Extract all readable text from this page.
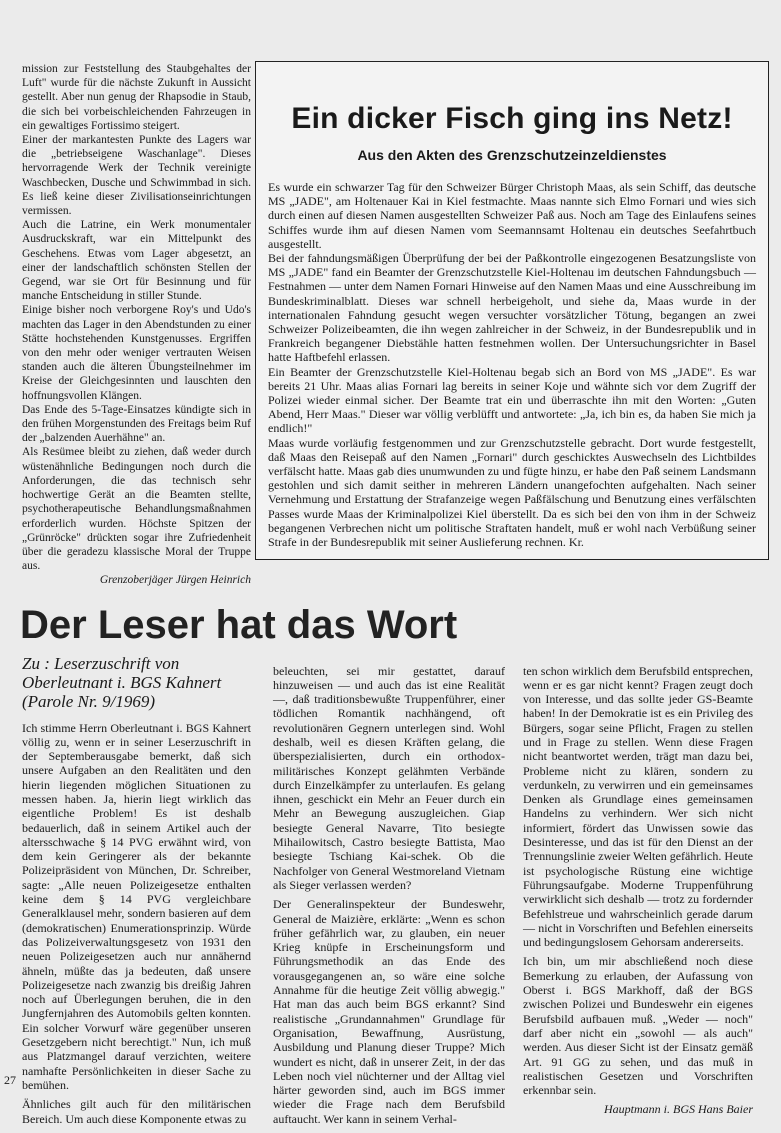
mission zur Feststellung des Staubgehaltes der Luft" wurde für die nächste Zukunft in Aussicht gestellt. Aber nun genug der Rhapsodie in Staub, die sich bei vorbeischleichenden Fahrzeugen in ein gewaltiges Fortissimo steigert.

Einer der markantesten Punkte des Lagers war die „betriebseigene Waschanlage". Dieses hervorragende Werk der Technik vereinigte Waschbecken, Dusche und Schwimmbad in sich. Es ließ keine dieser Zivilisationseinrichtungen vermissen.

Auch die Latrine, ein Werk monumentaler Ausdruckskraft, war ein Mittelpunkt des Geschehens. Etwas vom Lager abgesetzt, an einer der landschaftlich schönsten Stellen der Gegend, war sie Ort für Besinnung und für manche Entscheidung in stiller Stunde.

Einige bisher noch verborgene Roy's und Udo's machten das Lager in den Abendstunden zu einer Stätte hochstehenden Kunstgenusses. Ergriffen von den mehr oder weniger vertrauten Weisen standen auch die älteren Übungsteilnehmer im Kreise der Gleichgesinnten und lauschten den hoffnungsvollen Klängen.

Das Ende des 5-Tage-Einsatzes kündigte sich in den frühen Morgenstunden des Freitags beim Ruf der „balzenden Auerhähne" an.

Als Resümee bleibt zu ziehen, daß weder durch wüstenähnliche Bedingungen noch durch die Anforderungen, die das technisch sehr hochwertige Gerät an die Beamten stellte, psychotherapeutische Behandlungsmaßnahmen erforderlich wurden. Höchste Spitzen der „Grünröcke" drückten sogar ihre Zufriedenheit über die geradezu klassische Moral der Truppe aus.

Grenzoberjäger Jürgen Heinrich

Ein dicker Fisch ging ins Netz!
Aus den Akten des Grenzschutzeinzeldienstes

Es wurde ein schwarzer Tag für den Schweizer Bürger Christoph Maas, als sein Schiff, das deutsche MS „JADE", am Holtenauer Kai in Kiel festmachte. Maas nannte sich Elmo Fornari und wies sich durch einen auf diesen Namen ausgestellten Schweizer Paß aus. Noch am Tage des Einlaufens seines Schiffes wurde ihm auf diesen Namen vom Seemannsamt Holtenau ein deutsches Seefahrtbuch ausgestellt.

Bei der fahndungsmäßigen Überprüfung der bei der Paßkontrolle eingezogenen Besatzungsliste von MS „JADE" fand ein Beamter der Grenzschutzstelle Kiel-Holtenau im deutschen Fahndungsbuch — Festnahmen — unter dem Namen Fornari Hinweise auf den Namen Maas und eine Ausschreibung im Bundeskriminalblatt. Dieses war schnell herbeigeholt, und siehe da, Maas wurde in der internationalen Fahndung gesucht wegen versuchter vorsätzlicher Tötung, begangen an zwei Schweizer Polizeibeamten, die ihn wegen zahlreicher in der Schweiz, in der Bundesrepublik und in Frankreich begangener Diebstähle hatten festnehmen wollen. Der Untersuchungsrichter in Basel hatte Haftbefehl erlassen.

Ein Beamter der Grenzschutzstelle Kiel-Holtenau begab sich an Bord von MS „JADE". Es war bereits 21 Uhr. Maas alias Fornari lag bereits in seiner Koje und wähnte sich vor dem Zugriff der Polizei wieder einmal sicher. Der Beamte trat ein und überraschte ihn mit den Worten: „Guten Abend, Herr Maas." Dieser war völlig verblüfft und antwortete: „Ja, ich bin es, da haben Sie mich ja endlich!"

Maas wurde vorläufig festgenommen und zur Grenzschutzstelle gebracht. Dort wurde festgestellt, daß Maas den Reisepaß auf den Namen „Fornari" durch geschicktes Auswechseln des Lichtbildes verfälscht hatte. Maas gab dies unumwunden zu und fügte hinzu, er habe den Paß seinem Landsmann gestohlen und sich damit seither in mehreren Ländern unangefochten aufgehalten. Nach seiner Vernehmung und Erstattung der Strafanzeige wegen Paßfälschung und Benutzung eines verfälschten Passes wurde Maas der Kriminalpolizei Kiel überstellt. Da es sich bei den von ihm in der Schweiz begangenen Verbrechen nicht um politische Straftaten handelt, muß er wohl nach Verbüßung seiner Strafe in der Bundesrepublik mit seiner Auslieferung rechnen. Kr.

Der Leser hat das Wort
Zu : Leserzuschrift von
Oberleutnant i. BGS Kahnert
(Parole Nr. 9/1969)

Ich stimme Herrn Oberleutnant i. BGS Kahnert völlig zu, wenn er in seiner Leserzuschrift in der Septemberausgabe bemerkt, daß sich unsere Aufgaben an den Realitäten und den hierin liegenden möglichen Situationen zu messen haben. Ja, hierin liegt wirklich das eigentliche Problem! Es ist deshalb bedauerlich, daß in seinem Artikel auch der altersschwache § 14 PVG erwähnt wird, von dem kein Geringerer als der bekannte Polizeipräsident von München, Dr. Schreiber, sagte: „Alle neuen Polizeigesetze enthalten keine dem § 14 PVG vergleichbare Generalklausel mehr, sondern basieren auf dem (demokratischen) Enumerationsprinzip. Würde das Polizeiverwaltungsgesetz von 1931 den neuen Polizeigesetzen auch nur annähernd ähneln, müßte das ja bedeuten, daß unsere Polizeigesetze nach zwanzig bis dreißig Jahren noch auf Überlegungen beruhen, die in den Jungfernjahren des Automobils gelten konnten. Ein solcher Vorwurf wäre gegenüber unseren Gesetzgebern nicht berechtigt." Nun, ich muß aus Platzmangel darauf verzichten, weitere namhafte Persönlichkeiten in dieser Sache zu bemühen.

Ähnliches gilt auch für den militärischen Bereich. Um auch diese Komponente etwas zu

beleuchten, sei mir gestattet, darauf hinzuweisen — und auch das ist eine Realität —, daß traditionsbewußte Truppenführer, einer tödlichen Romantik nachhängend, oft revolutionären Gegnern unterlegen sind. Wohl deshalb, weil es diesen Kräften gelang, die überspezialisierten, durch ein orthodox-militärisches Konzept gelähmten Verbände durch Einzelkämpfer zu unterlaufen. Es gelang ihnen, geschickt ein Mehr an Feuer durch ein Mehr an Bewegung auszugleichen. Giap besiegte General Navarre, Tito besiegte Mihailowitsch, Castro besiegte Battista, Mao besiegte Tschiang Kai-schek. Ob die Nachfolger von General Westmoreland Vietnam als Sieger verlassen werden?

Der Generalinspekteur der Bundeswehr, General de Maizière, erklärte: „Wenn es schon früher gefährlich war, zu glauben, ein neuer Krieg knüpfe in Erscheinungsform und Führungsmethodik an das Ende des vorausgegangenen an, so wäre eine solche Annahme für die heutige Zeit völlig abwegig." Hat man das auch beim BGS erkannt? Sind realistische „Grundannahmen" Grundlage für Organisation, Bewaffnung, Ausrüstung, Ausbildung und Planung dieser Truppe? Mich wundert es nicht, daß in unserer Zeit, in der das Leben noch viel nüchterner und der Alltag viel härter geworden sind, auch im BGS immer wieder die Frage nach dem Berufsbild auftaucht. Wer kann in seinem Verhal-

ten schon wirklich dem Berufsbild entsprechen, wenn er es gar nicht kennt? Fragen zeugt doch von Interesse, und das sollte jeder GS-Beamte haben! In der Demokratie ist es ein Privileg des Bürgers, sogar seine Pflicht, Fragen zu stellen und in Frage zu stellen. Wenn diese Fragen nicht beantwortet werden, trägt man dazu bei, Probleme nicht zu klären, sondern zu verdunkeln, zu verwirren und ein gemeinsames Denken als Grundlage eines gemeinsamen Handelns zu verhindern. Wer sich nicht informiert, fördert das Unwissen sowie das Desinteresse, und das ist für den Dienst an der Trennungslinie zweier Welten gefährlich. Heute ist psychologische Rüstung eine wichtige Führungsaufgabe. Moderne Truppenführung verwirklicht sich deshalb — trotz zu fordernder Befehlstreue und wahrscheinlich gerade darum — nicht in Vorschriften und Befehlen einerseits und bedingungslosem Gehorsam andererseits.

Ich bin, um mir abschließend noch diese Bemerkung zu erlauben, der Aufassung von Oberst i. BGS Markhoff, daß der BGS zwischen Polizei und Bundeswehr ein eigenes Berufsbild aufbauen muß. „Weder — noch" darf aber nicht ein „sowohl — als auch" werden. Aus dieser Sicht ist der Einsatz gemäß Art. 91 GG zu sehen, und das muß in realistischen Gesetzen und Vorschriften erkennbar sein.

Hauptmann i. BGS Hans Baier

27
